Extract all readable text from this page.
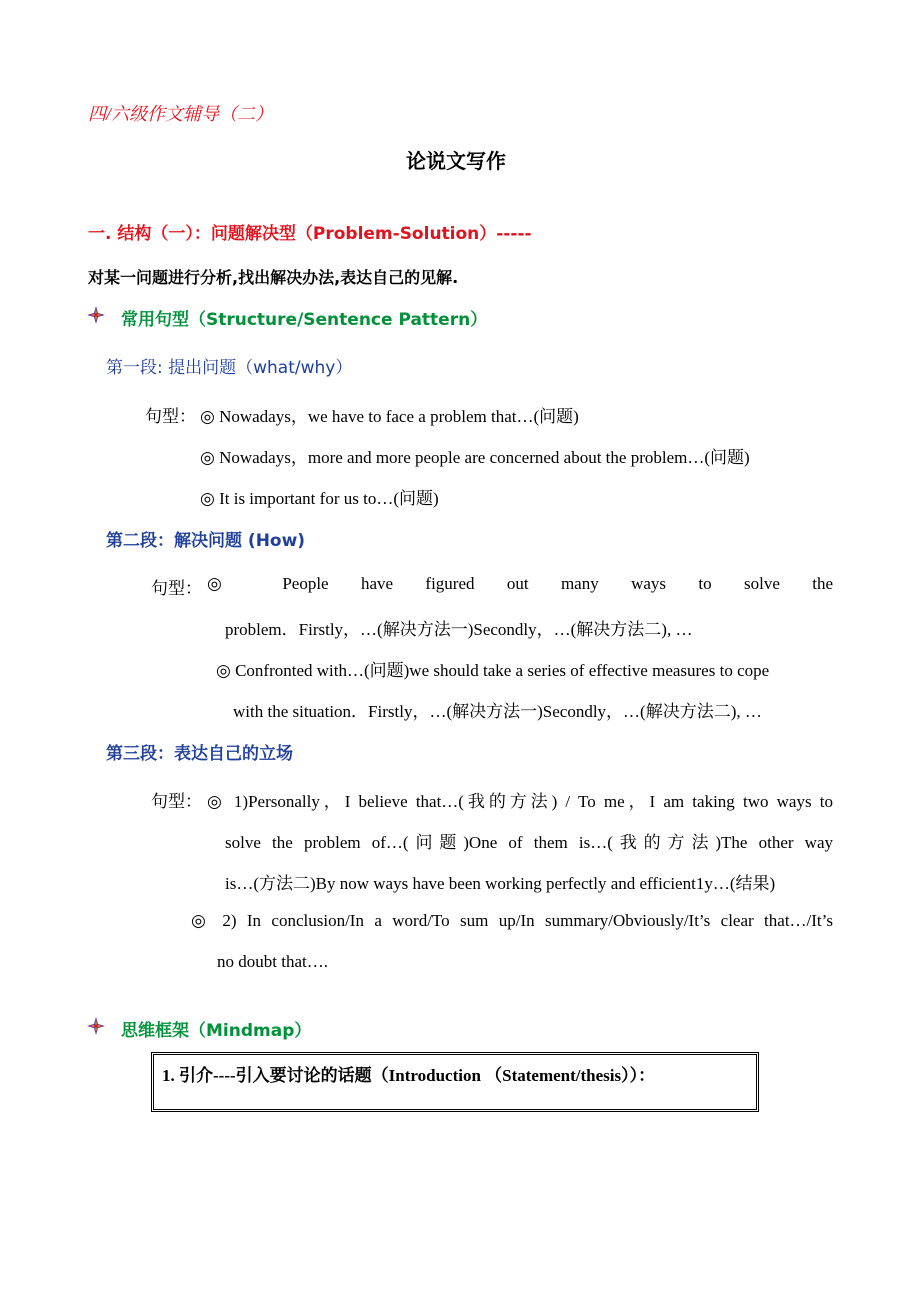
四/六级作文辅导（二）
论说文写作
一. 结构（一）：问题解决型（Problem-Solution）-----
对某一问题进行分析,找出解决办法,表达自己的见解.
常用句型（Structure/Sentence Pattern）
第一段: 提出问题（what/why）
句型： ◎ Nowadays，we have to face a problem that…(问题)
◎ Nowadays，more and more people are concerned about the problem…(问题)
◎ It is important for us to…(问题)
第二段：解决问题 (How)
句型： ◎ People have figured out many ways to solve the
problem．Firstly，…(解决方法一)Secondly，…(解决方法二), …
◎ Confronted with…(问题)we should take a series of effective measures to cope
with the situation．Firstly，…(解决方法一)Secondly，…(解决方法二), …
第三段：表达自己的立场
句型： ◎ 1)Personally，I believe that…(我的方法) / To me，I am taking two ways to
solve the problem of…(问题)One of them is…(我的方法)The other way
is…(方法二)By now ways have been working perfectly and efficient1y…(结果)
◎ 2) In conclusion/In a word/To sum up/In summary/Obviously/It’s clear that…/It’s
no doubt that….
思维框架（Mindmap）
1. 引介----引入要讨论的话题（Introduction （Statement/thesis））：
